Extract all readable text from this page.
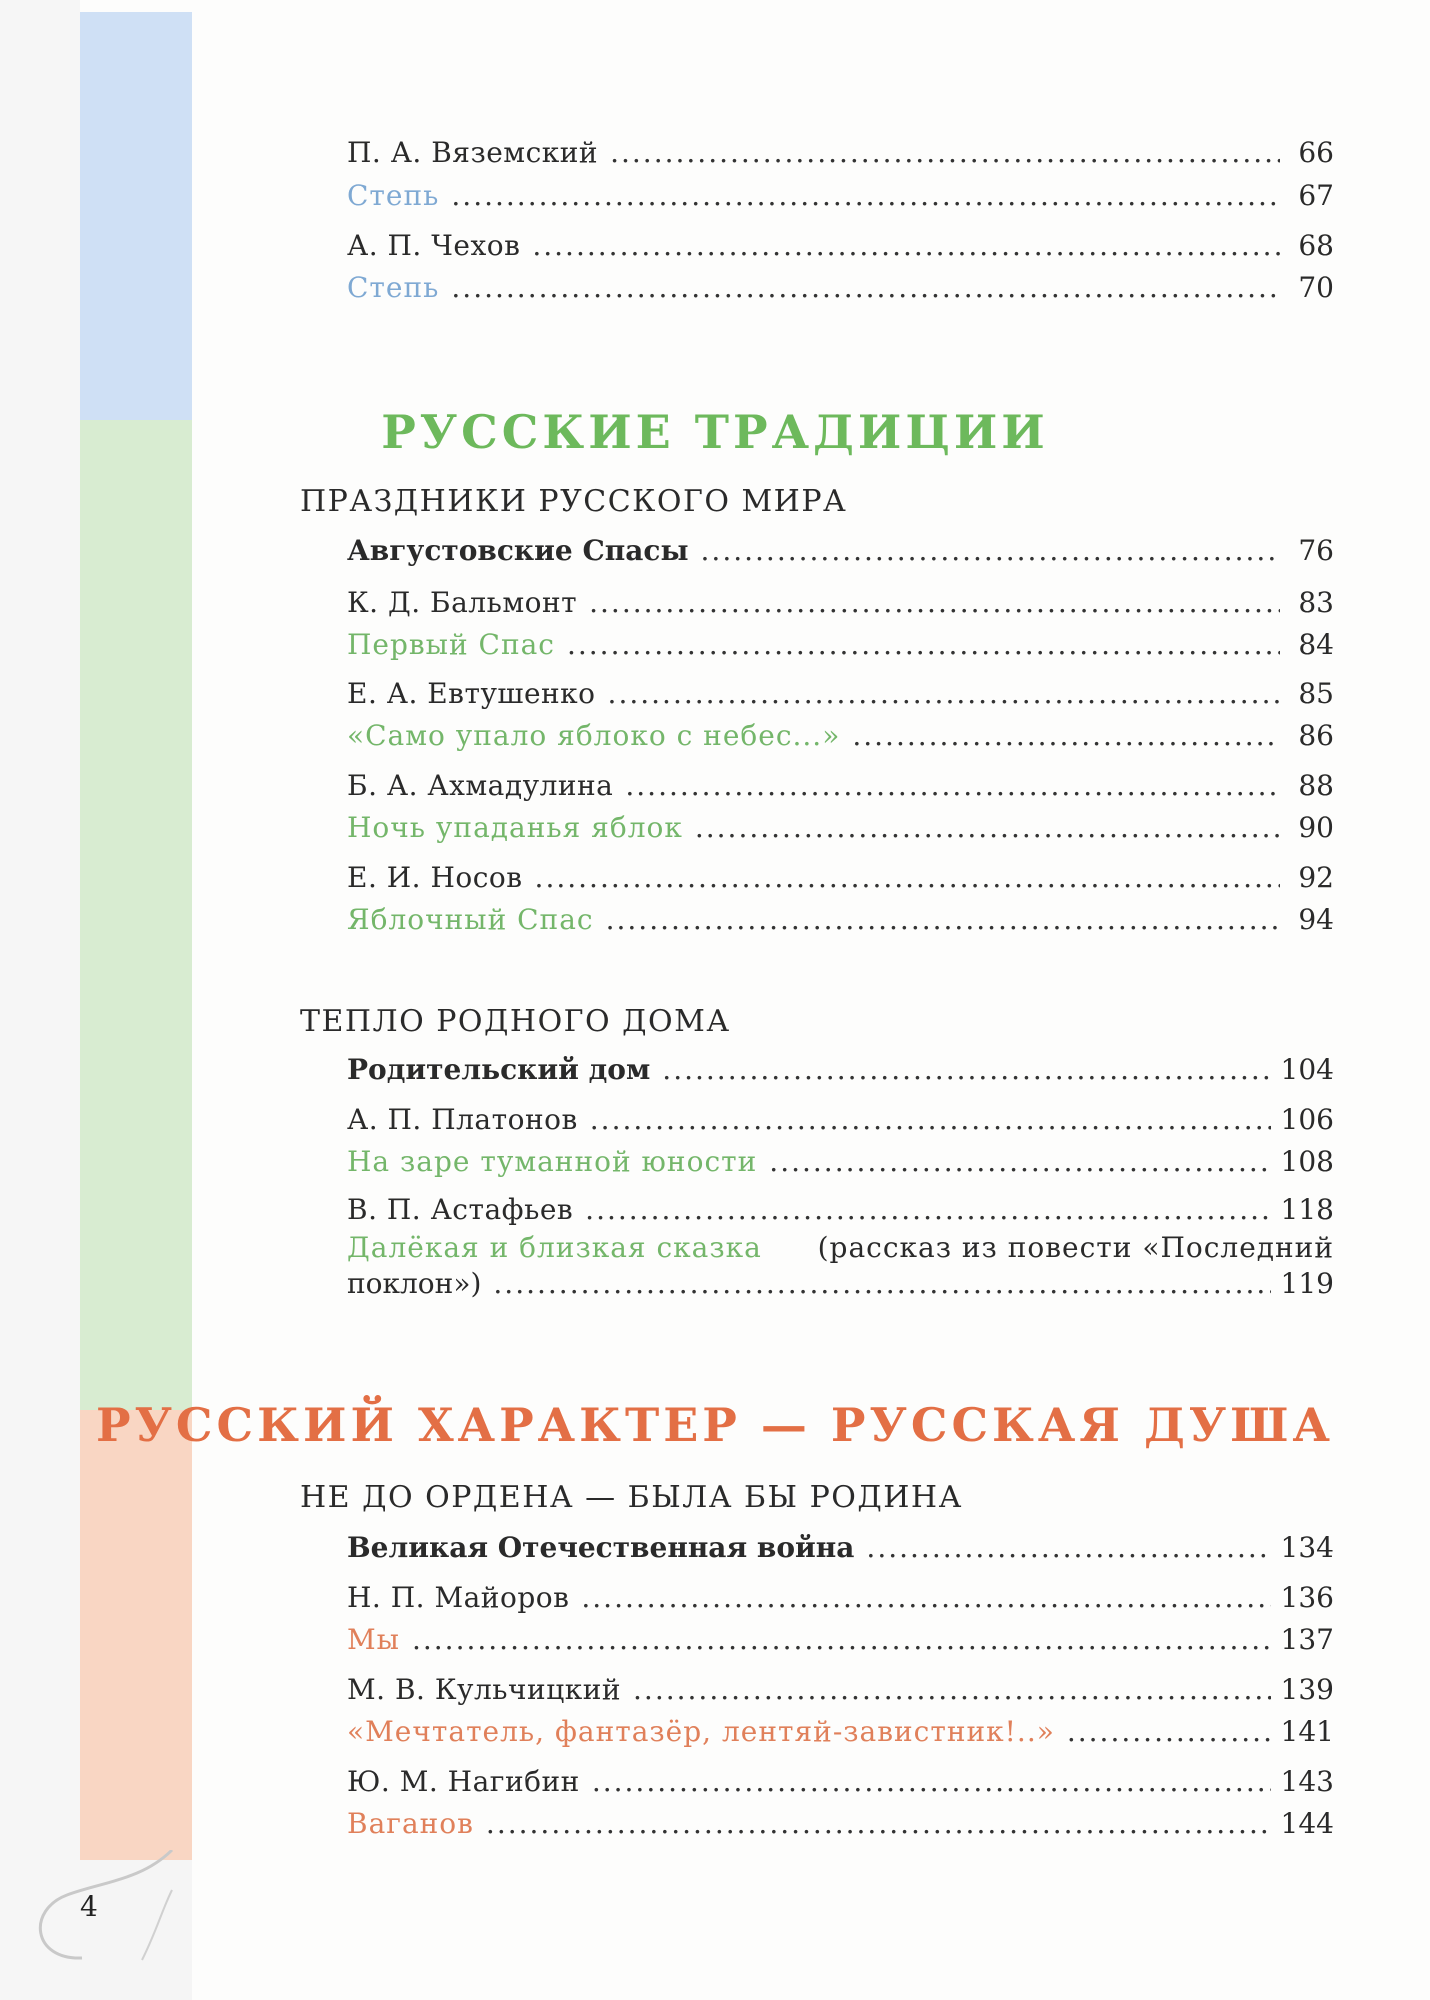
4
П. А. Вяземский .....	66
Степь .....	67
А. П. Чехов .....	68
Степь .....	70
РУССКИЕ ТРАДИЦИИ
ПРАЗДНИКИ РУССКОГО МИРА
Августовские Спасы .....	76
К. Д. Бальмонт .....	83
Первый Спас .....	84
Е. А. Евтушенко .....	85
«Само упало яблоко с небес...» .....	86
Б. А. Ахмадулина .....	88
Ночь упаданья яблок .....	90
Е. И. Носов .....	92
Яблочный Спас .....	94
ТЕПЛО РОДНОГО ДОМА
Родительский дом .....	104
А. П. Платонов .....	106
На заре туманной юности .....	108
В. П. Астафьев .....	118
Далёкая и близкая сказка (рассказ из повести «Последний
поклон») .....	119
РУССКИЙ ХАРАКТЕР — РУССКАЯ ДУША
НЕ ДО ОРДЕНА — БЫЛА БЫ РОДИНА
Великая Отечественная война .....	134
Н. П. Майоров .....	136
Мы .....	137
М. В. Кульчицкий .....	139
«Мечтатель, фантазёр, лентяй-завистник!..» .....	141
Ю. М. Нагибин .....	143
Ваганов .....	144
